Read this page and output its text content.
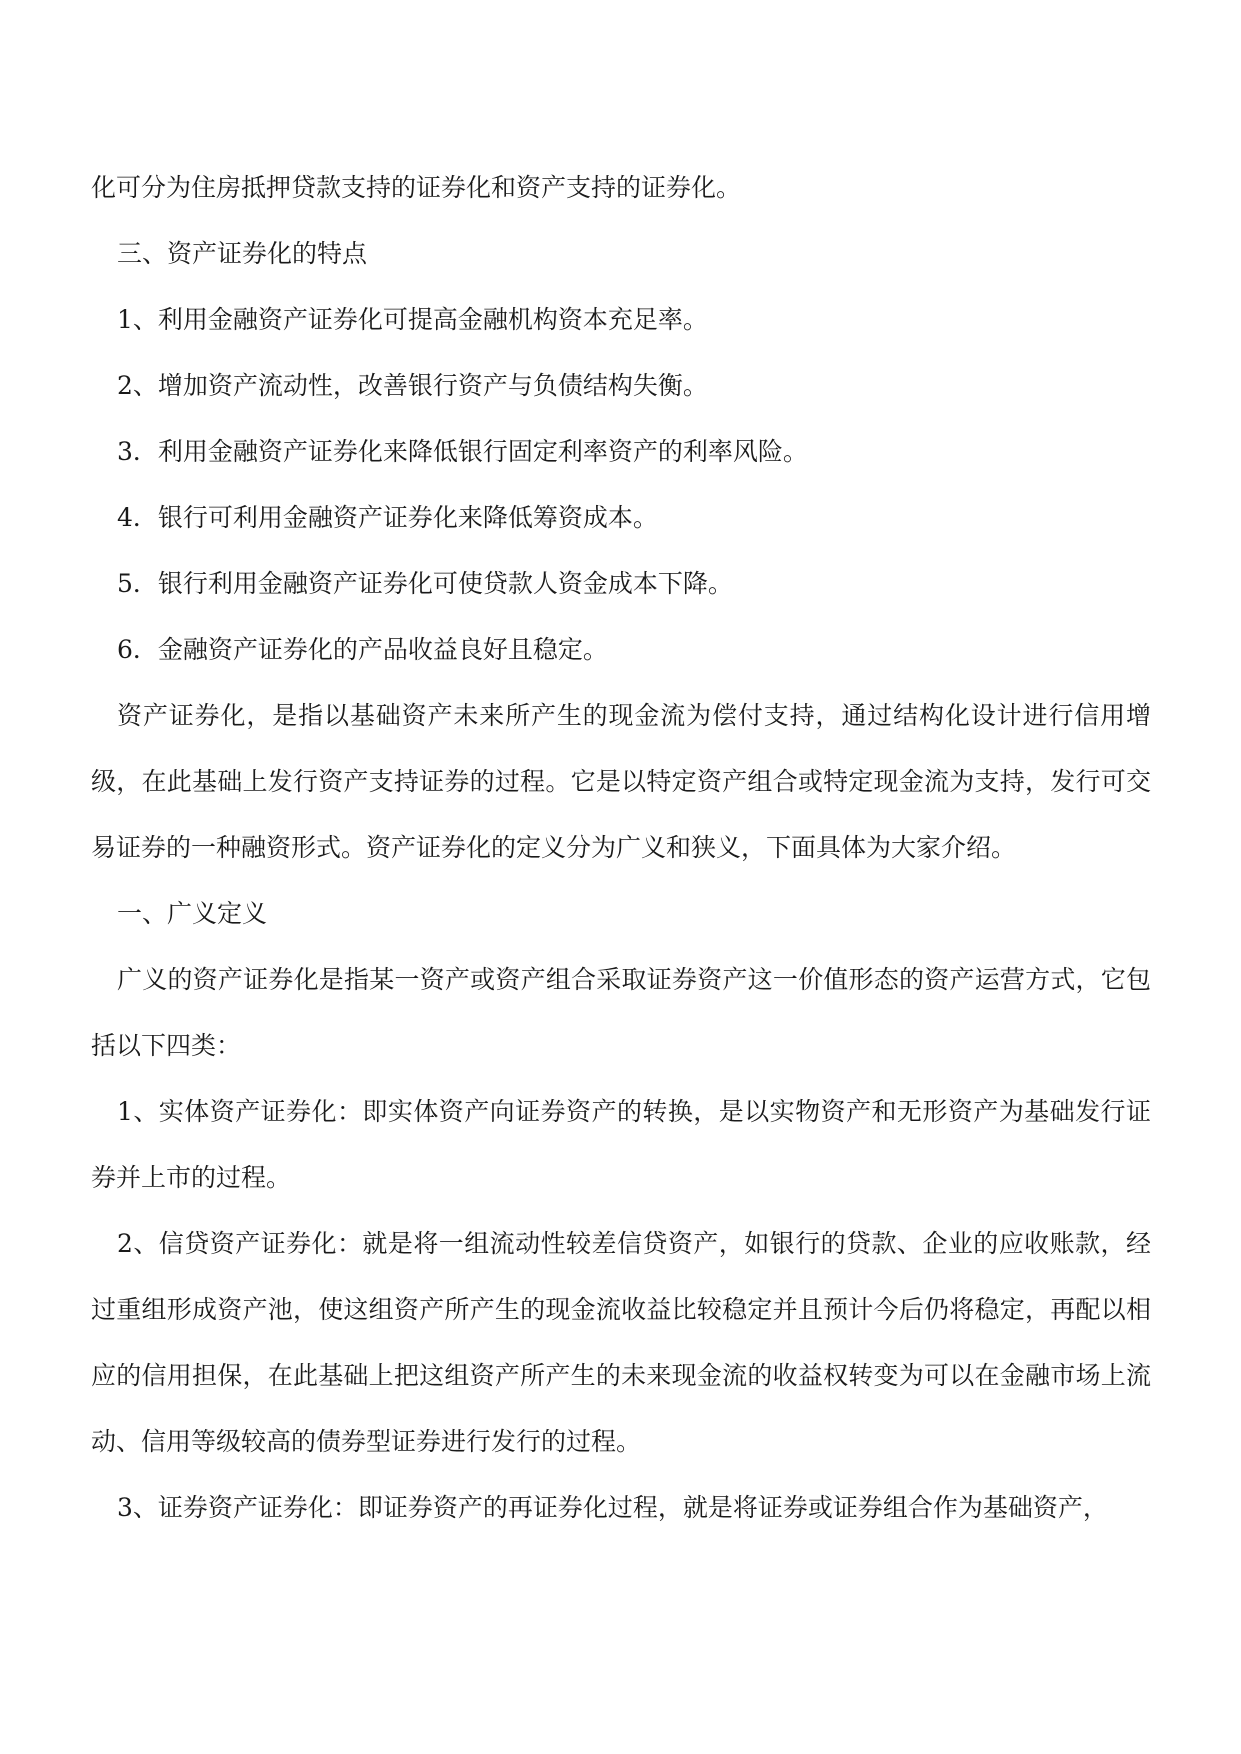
化可分为住房抵押贷款支持的证券化和资产支持的证券化。

三、资产证券化的特点

1、利用金融资产证券化可提高金融机构资本充足率。

2、增加资产流动性，改善银行资产与负债结构失衡。

3．利用金融资产证券化来降低银行固定利率资产的利率风险。

4．银行可利用金融资产证券化来降低筹资成本。

5．银行利用金融资产证券化可使贷款人资金成本下降。

6．金融资产证券化的产品收益良好且稳定。

资产证券化，是指以基础资产未来所产生的现金流为偿付支持，通过结构化设计进行信用增级，在此基础上发行资产支持证券的过程。它是以特定资产组合或特定现金流为支持，发行可交易证券的一种融资形式。资产证券化的定义分为广义和狭义，下面具体为大家介绍。

一、广义定义

广义的资产证券化是指某一资产或资产组合采取证券资产这一价值形态的资产运营方式，它包括以下四类：

1、实体资产证券化：即实体资产向证券资产的转换，是以实物资产和无形资产为基础发行证券并上市的过程。

2、信贷资产证券化：就是将一组流动性较差信贷资产，如银行的贷款、企业的应收账款，经过重组形成资产池，使这组资产所产生的现金流收益比较稳定并且预计今后仍将稳定，再配以相应的信用担保，在此基础上把这组资产所产生的未来现金流的收益权转变为可以在金融市场上流动、信用等级较高的债券型证券进行发行的过程。

3、证券资产证券化：即证券资产的再证券化过程，就是将证券或证券组合作为基础资产，
